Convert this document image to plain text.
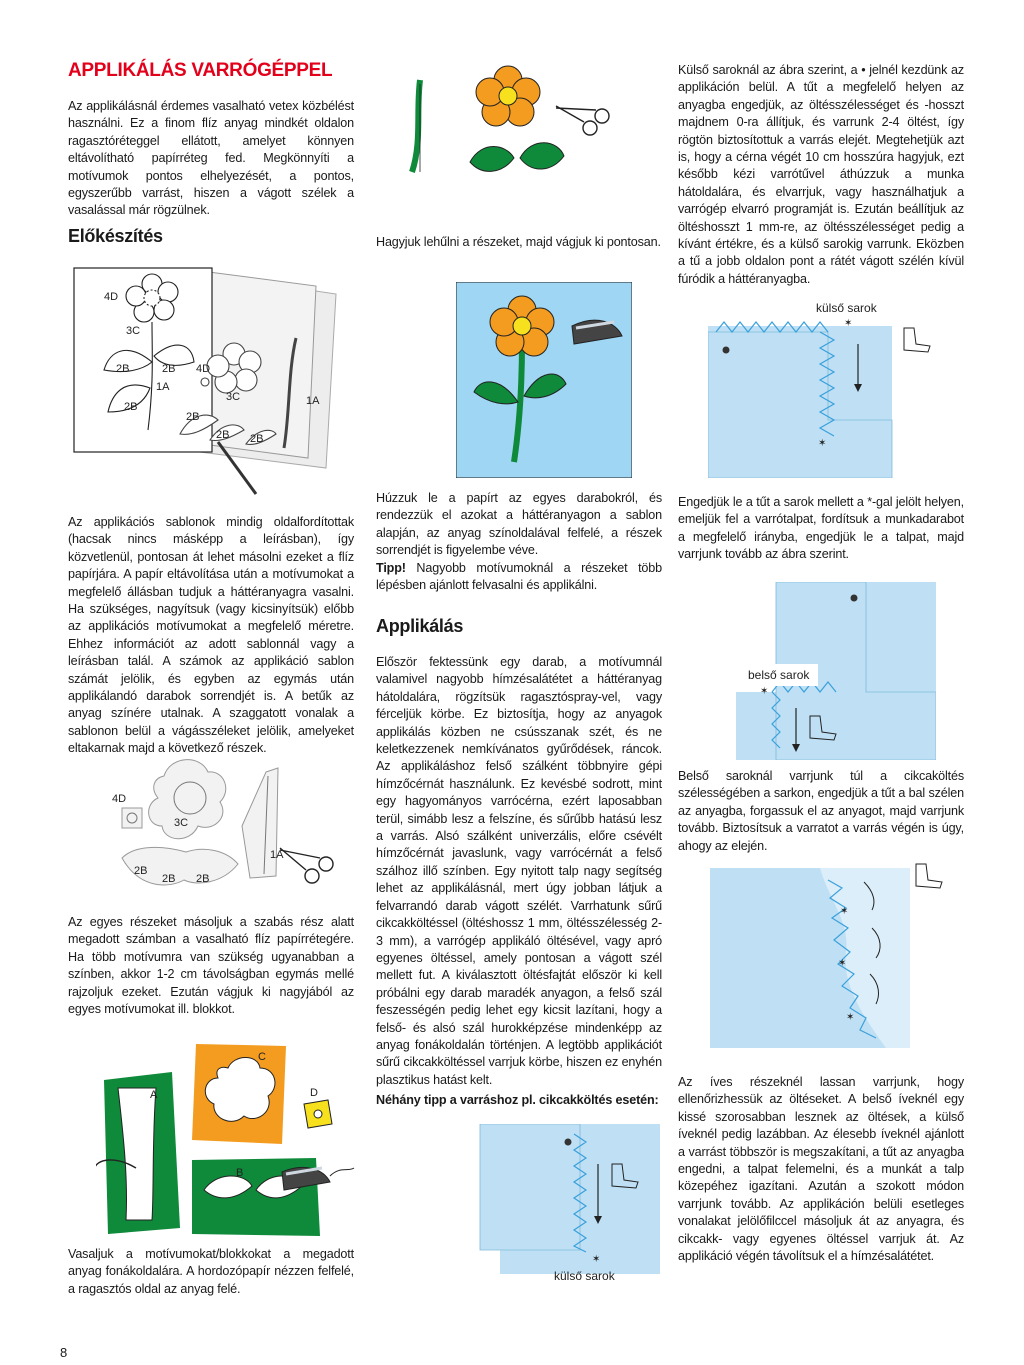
APPLIKÁLÁS VARRÓGÉPPEL
Az applikálásnál érdemes vasalható vetex közbélést használni. Ez a finom flíz anyag mindkét oldalon ragasztóréteggel ellátott, amelyet könnyen eltávolítható papírréteg fed. Megkönnyíti a motívumok pontos elhelyezését, a pontos, egyszerűbb varrást, hiszen a vágott szélek a vasalással már rögzülnek.
Előkészítés
4D
3C
2B	2B
1A
2B
4D
3C	1A
2B
2B 2B
Az applikációs sablonok mindig oldalfordítottak (hacsak nincs másképp a leírásban), így közvetlenül, pontosan át lehet másolni ezeket a flíz papírjára. A papír eltávolítása után a motívumokat a megfelelő állásban tudjuk a háttéranyagra vasalni. Ha szükséges, nagyítsuk (vagy kicsinyítsük) előbb az applikációs motívumokat a megfelelő méretre. Ehhez információt az adott sablonnál vagy a leírásban talál. A számok az applikáció sablon számát jelölik, és egyben az egymás után applikálandó darabok sorrendjét is. A betűk az anyag színére utalnak. A szaggatott vonalak a sablonon belül a vágásszéleket jelölik, amelyeket eltakarnak majd a következő részek.
4D
3C
1A
2B
2B 2B
Az egyes részeket másoljuk a szabás rész alatt megadott számban a vasalható flíz papírrétegére. Ha több motívumra van szükség ugyanabban a színben, akkor 1-2 cm távolságban egymás mellé rajzoljuk ezeket. Ezután vágjuk ki nagyjából az egyes motívumokat ill. blokkot.
A
C
D
B
Vasaljuk a motívumokat/blokkokat a megadott anyag fonákoldalára. A hordozópapír nézzen felfelé, a ragasztós oldal az anyag felé.
Hagyjuk lehűlni a részeket, majd vágjuk ki pontosan.
Húzzuk le a papírt az egyes darabokról, és rendezzük el azokat a háttéranyagon a sablon alapján, az anyag színoldalával felfelé, a részek sorrendjét is figyelembe véve.
Tipp! Nagyobb motívumoknál a részeket több lépésben ajánlott felvasalni és applikálni.
Applikálás
Először fektessünk egy darab, a motívumnál valamivel nagyobb hímzésalátétet a háttéranyag hátoldalára, rögzítsük ragasztóspray-vel, vagy férceljük körbe. Ez biztosítja, hogy az anyagok applikálás közben ne csússzanak szét, és ne keletkezzenek nemkívánatos gyűrődések, ráncok. Az applikáláshoz felső szálként többnyire gépi hímzőcérnát használunk. Ez kevésbé sodrott, mint egy hagyományos varrócérna, ezért laposabban terül, simább lesz a felszíne, és sűrűbb hatású lesz a varrás. Alsó szálként univerzális, előre csévélt hímzőcérnát javaslunk, vagy varrócérnát a felső szálhoz illő színben. Egy nyitott talp nagy segítség lehet az applikálásnál, mert úgy jobban látjuk a felvarrandó darab vágott szélét. Varrhatunk sűrű cikcakköltéssel (öltéshossz 1 mm, öltésszélesség 2-3 mm), a varrógép applikáló öltésével, vagy apró egyenes öltéssel, amely pontosan a vágott szél mellett fut. A kiválasztott öltésfajtát először ki kell próbálni egy darab maradék anyagon, a felső szál feszességén pedig lehet egy kicsit lazítani, hogy a felső- és alsó szál hurokképzése mindenképp az anyag fonákoldalán történjen. A legtöbb applikációt sűrű cikcakköltéssel varrjuk körbe, hiszen ez enyhén plasztikus hatást kelt.
Néhány tipp a varráshoz pl. cikcakköltés esetén:
✶
külső sarok
Külső saroknál az ábra szerint, a • jelnél kezdünk az applikáción belül. A tűt a megfelelő helyen az anyagba engedjük, az öltésszélességet és -hosszt majdnem 0-ra állítjuk, és varrunk 2-4 öltést, így rögtön biztosítottuk a varrás elejét. Megtehetjük azt is, hogy a cérna végét 10 cm hosszúra hagyjuk, ezt később kézi varrótűvel áthúzzuk a munka hátoldalára, és elvarrjuk, vagy használhatjuk a varrógép elvarró programját is. Ezután beállítjuk az öltéshosszt 1 mm-re, az öltésszélességet pedig a kívánt értékre, és a külső sarokig varrunk. Eközben a tű a jobb oldalon pont a rátét vágott szélén kívül fúródik a háttéranyagba.
✶
✶
külső sarok
Engedjük le a tűt a sarok mellett a *-gal jelölt helyen, emeljük fel a varrótalpat, fordítsuk a munkadarabot a megfelelő irányba, engedjük le a talpat, majd varrjunk tovább az ábra szerint.
✶
belső sarok
Belső saroknál varrjunk túl a cikcaköltés szélességében a sarkon, engedjük a tűt a bal szélen az anyagba, forgassuk el az anyagot, majd varrjunk tovább. Biztosítsuk a varratot a varrás végén is úgy, ahogy az elején.
✶
✶
✶
Az íves részeknél lassan varrjunk, hogy ellenőrizhessük az öltéseket. A belső íveknél egy kissé szorosabban lesznek az öltések, a külső íveknél pedig lazábban. Az élesebb íveknél ajánlott a varrást többször is megszakítani, a tűt az anyagba engedni, a talpat felemelni, és a munkát a talp közepéhez igazítani. Azután a szokott módon varrjunk tovább. Az applikáción belüli esetleges vonalakat jelölőfilccel másoljuk át az anyagra, és cikcakk- vagy egyenes öltéssel varrjuk át. Az applikáció végén távolítsuk el a hímzésalátétet.
8
